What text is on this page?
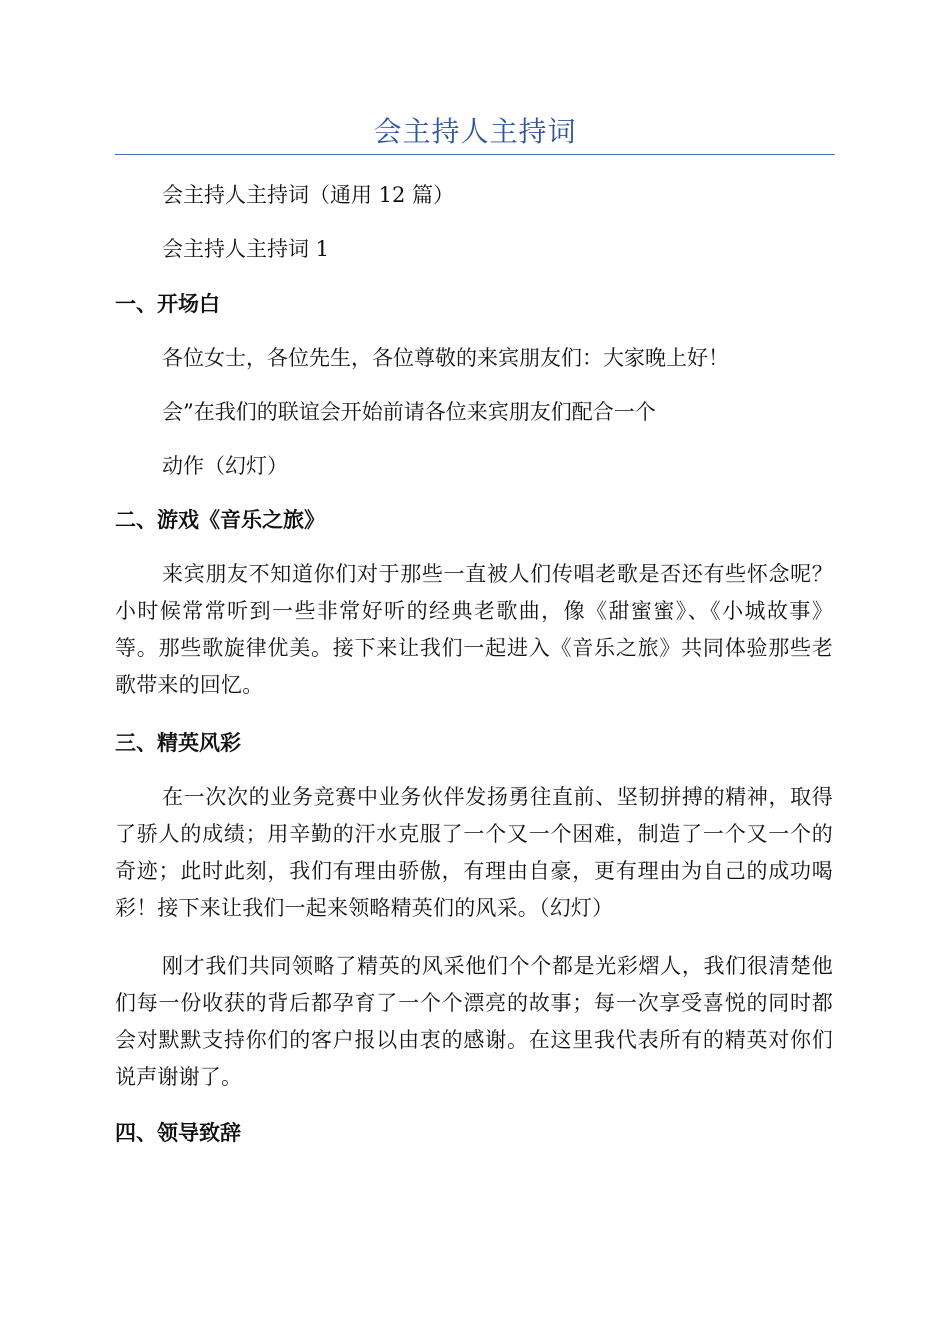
会主持人主持词
会主持人主持词（通用 12 篇）
会主持人主持词 1
一、开场白
各位女士，各位先生，各位尊敬的来宾朋友们：大家晚上好！
会”在我们的联谊会开始前请各位来宾朋友们配合一个
动作（幻灯）
二、游戏《音乐之旅》
来宾朋友不知道你们对于那些一直被人们传唱老歌是否还有些怀念呢？小时候常常听到一些非常好听的经典老歌曲，像《甜蜜蜜》、《小城故事》等。那些歌旋律优美。接下来让我们一起进入《音乐之旅》共同体验那些老歌带来的回忆。
三、精英风彩
在一次次的业务竞赛中业务伙伴发扬勇往直前、坚韧拼搏的精神，取得了骄人的成绩；用辛勤的汗水克服了一个又一个困难，制造了一个又一个的奇迹；此时此刻，我们有理由骄傲，有理由自豪，更有理由为自己的成功喝彩！接下来让我们一起来领略精英们的风采。（幻灯）
刚才我们共同领略了精英的风采他们个个都是光彩熠人，我们很清楚他们每一份收获的背后都孕育了一个个漂亮的故事；每一次享受喜悦的同时都会对默默支持你们的客户报以由衷的感谢。在这里我代表所有的精英对你们说声谢谢了。
四、领导致辞
